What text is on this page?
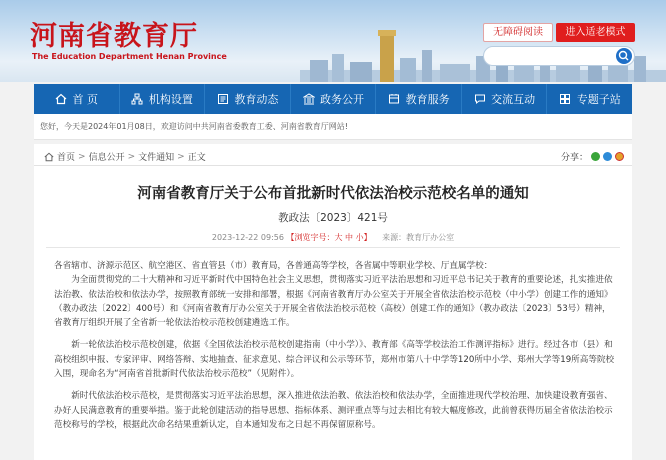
河南省教育厅
The Education Department Henan Province
无障碍阅读	进入适老模式
首 页	机构设置	教育动态	政务公开	教育服务	交流互动	专题子站
您好，今天是2024年01月08日，欢迎访问中共河南省委教育工委、河南省教育厅网站!
首页 > 信息公开 > 文件通知 > 正文	分享：
河南省教育厅关于公布首批新时代依法治校示范校名单的通知
教政法〔2023〕421号
2023-12-22 09:56 【浏览字号：大 中 小】 来源：教育厅办公室

各省辖市、济源示范区、航空港区、省直管县（市）教育局，各普通高等学校，各省属中等职业学校、厅直属学校：

为全面贯彻党的二十大精神和习近平新时代中国特色社会主义思想，贯彻落实习近平法治思想和习近平总书记关于教育的重要论述，扎实推进依法治教、依法治校和依法办学，按照教育部统一安排和部署，根据《河南省教育厅办公室关于开展全省依法治校示范校（中小学）创建工作的通知》（教办政法〔2022〕400号）和《河南省教育厅办公室关于开展全省依法治校示范校（高校）创建工作的通知》（教办政法〔2023〕53号）精神，省教育厅组织开展了全省新一轮依法治校示范校创建遴选工作。

新一轮依法治校示范校创建，依据《全国依法治校示范校创建指南（中小学）》、教育部《高等学校法治工作测评指标》进行。经过各市（县）和高校组织申报、专家评审、网络答辩、实地抽查、征求意见、综合评议和公示等环节，郑州市第八十中学等120所中小学、郑州大学等19所高等院校入围，现命名为“河南省首批新时代依法治校示范校”（见附件）。

新时代依法治校示范校，是贯彻落实习近平法治思想，深入推进依法治教、依法治校和依法办学，全面推进现代学校治理、加快建设教育强省、办好人民满意教育的重要举措。鉴于此轮创建活动的指导思想、指标体系、测评重点等与过去相比有较大幅度修改，此前曾获得历届全省依法治校示范校称号的学校，根据此次命名结果重新认定，自本通知发布之日起不再保留原称号。
